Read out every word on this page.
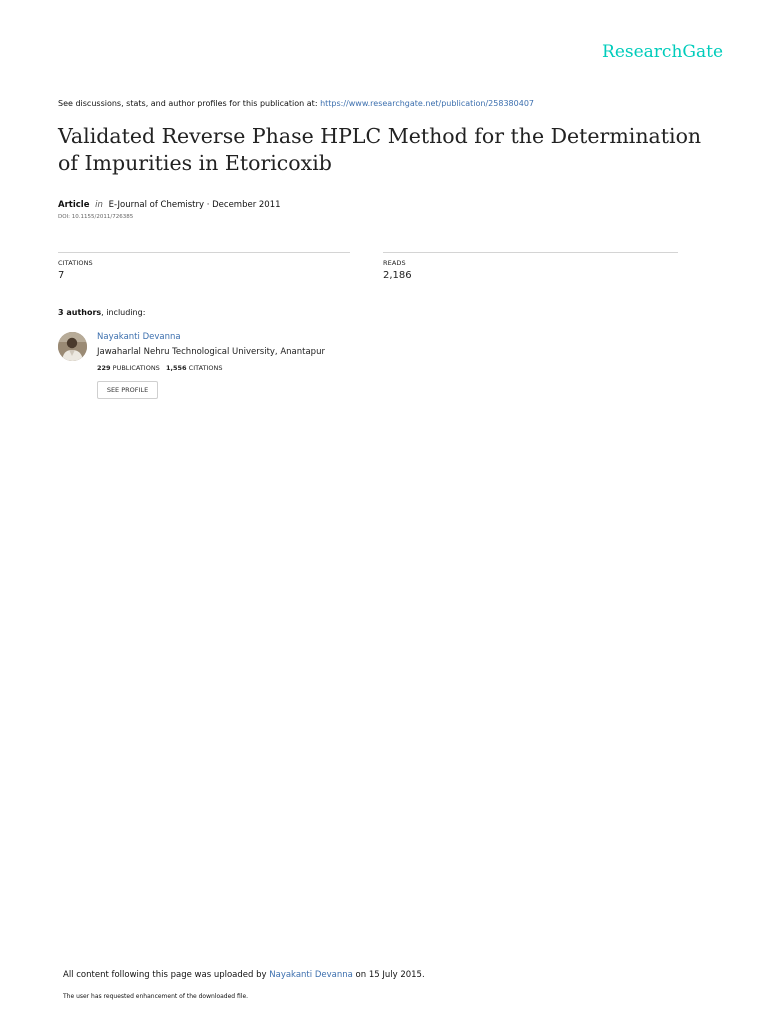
ResearchGate
See discussions, stats, and author profiles for this publication at: https://www.researchgate.net/publication/258380407
Validated Reverse Phase HPLC Method for the Determination of Impurities in Etoricoxib
Article in E-Journal of Chemistry · December 2011
DOI: 10.1155/2011/726385
CITATIONS
7
READS
2,186
3 authors, including:
Nayakanti Devanna
Jawaharlal Nehru Technological University, Anantapur
229 PUBLICATIONS 1,556 CITATIONS
SEE PROFILE
All content following this page was uploaded by Nayakanti Devanna on 15 July 2015.
The user has requested enhancement of the downloaded file.
